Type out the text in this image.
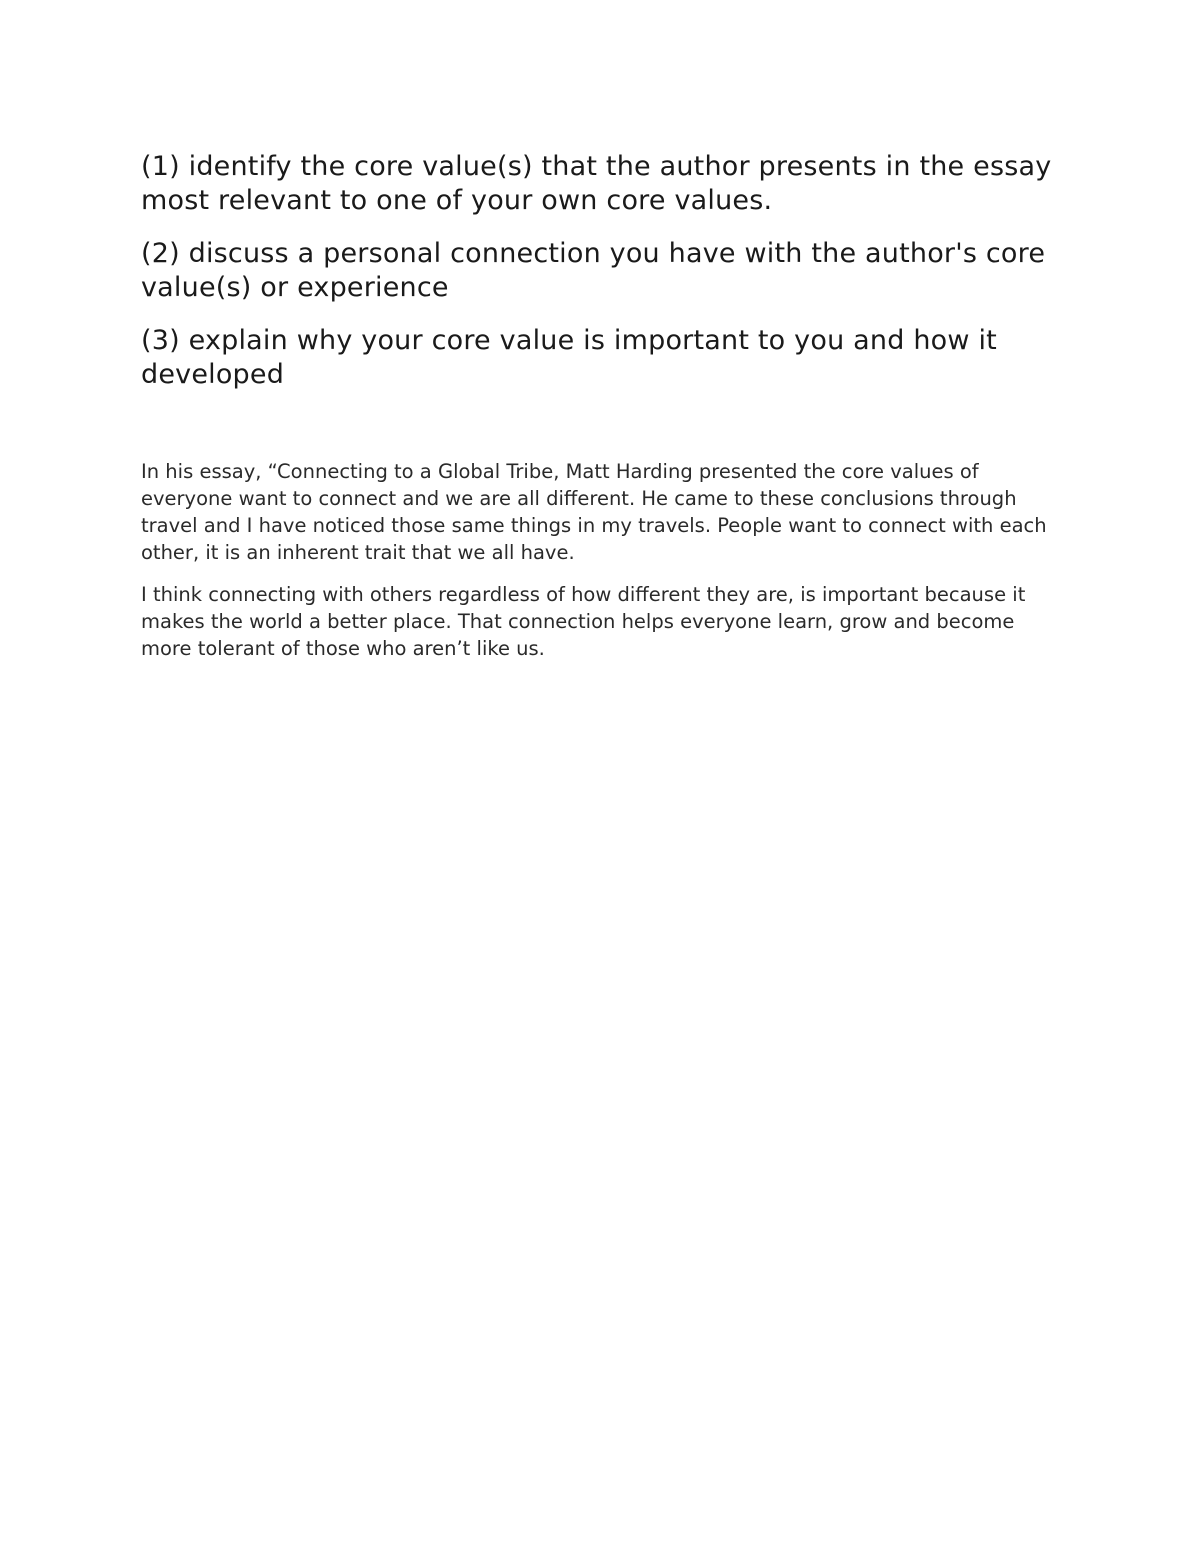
(1) identify the core value(s) that the author presents in the essay most relevant to one of your own core values.

(2) discuss a personal connection you have with the author's core value(s) or experience

(3) explain why your core value is important to you and how it developed

In his essay, “Connecting to a Global Tribe, Matt Harding presented the core values of everyone want to connect and we are all different. He came to these conclusions through travel and I have noticed those same things in my travels. People want to connect with each other, it is an inherent trait that we all have.

I think connecting with others regardless of how different they are, is important because it makes the world a better place. That connection helps everyone learn, grow and become more tolerant of those who aren’t like us.
